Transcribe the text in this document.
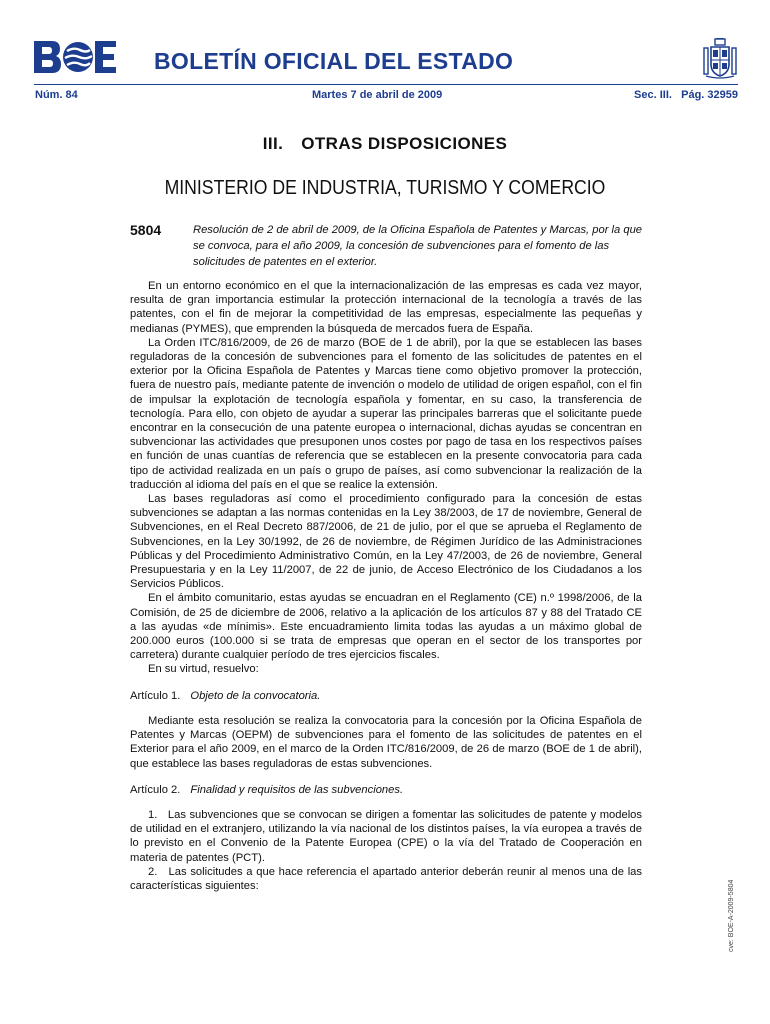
BOLETÍN OFICIAL DEL ESTADO
Núm. 84	Martes 7 de abril de 2009	Sec. III.   Pág. 32959
III. OTRAS DISPOSICIONES
MINISTERIO DE INDUSTRIA, TURISMO Y COMERCIO
5804	Resolución de 2 de abril de 2009, de la Oficina Española de Patentes y Marcas, por la que se convoca, para el año 2009, la concesión de subvenciones para el fomento de las solicitudes de patentes en el exterior.

En un entorno económico en el que la internacionalización de las empresas es cada vez mayor, resulta de gran importancia estimular la protección internacional de la tecnología a través de las patentes, con el fin de mejorar la competitividad de las empresas, especialmente las pequeñas y medianas (PYMES), que emprenden la búsqueda de mercados fuera de España.

La Orden ITC/816/2009, de 26 de marzo (BOE de 1 de abril), por la que se establecen las bases reguladoras de la concesión de subvenciones para el fomento de las solicitudes de patentes en el exterior por la Oficina Española de Patentes y Marcas tiene como objetivo promover la protección, fuera de nuestro país, mediante patente de invención o modelo de utilidad de origen español, con el fin de impulsar la explotación de tecnología española y fomentar, en su caso, la transferencia de tecnología. Para ello, con objeto de ayudar a superar las principales barreras que el solicitante puede encontrar en la consecución de una patente europea o internacional, dichas ayudas se concentran en subvencionar las actividades que presuponen unos costes por pago de tasa en los respectivos países en función de unas cuantías de referencia que se establecen en la presente convocatoria para cada tipo de actividad realizada en un país o grupo de países, así como subvencionar la realización de la traducción al idioma del país en el que se realice la extensión.

Las bases reguladoras así como el procedimiento configurado para la concesión de estas subvenciones se adaptan a las normas contenidas en la Ley 38/2003, de 17 de noviembre, General de Subvenciones, en el Real Decreto 887/2006, de 21 de julio, por el que se aprueba el Reglamento de Subvenciones, en la Ley 30/1992, de 26 de noviembre, de Régimen Jurídico de las Administraciones Públicas y del Procedimiento Administrativo Común, en la Ley 47/2003, de 26 de noviembre, General Presupuestaria y en la Ley 11/2007, de 22 de junio, de Acceso Electrónico de los Ciudadanos a los Servicios Públicos.

En el ámbito comunitario, estas ayudas se encuadran en el Reglamento (CE) n.º 1998/2006, de la Comisión, de 25 de diciembre de 2006, relativo a la aplicación de los artículos 87 y 88 del Tratado CE a las ayudas «de mínimis». Este encuadramiento limita todas las ayudas a un máximo global de 200.000 euros (100.000 si se trata de empresas que operan en el sector de los transportes por carretera) durante cualquier período de tres ejercicios fiscales.

En su virtud, resuelvo:

Artículo 1. Objeto de la convocatoria.

Mediante esta resolución se realiza la convocatoria para la concesión por la Oficina Española de Patentes y Marcas (OEPM) de subvenciones para el fomento de las solicitudes de patentes en el Exterior para el año 2009, en el marco de la Orden ITC/816/2009, de 26 de marzo (BOE de 1 de abril), que establece las bases reguladoras de estas subvenciones.

Artículo 2. Finalidad y requisitos de las subvenciones.

1.   Las subvenciones que se convocan se dirigen a fomentar las solicitudes de patente y modelos de utilidad en el extranjero, utilizando la vía nacional de los distintos países, la vía europea a través de lo previsto en el Convenio de la Patente Europea (CPE) o la vía del Tratado de Cooperación en materia de patentes (PCT).

2.   Las solicitudes a que hace referencia el apartado anterior deberán reunir al menos una de las características siguientes:	cve: BOE-A-2009-5804
